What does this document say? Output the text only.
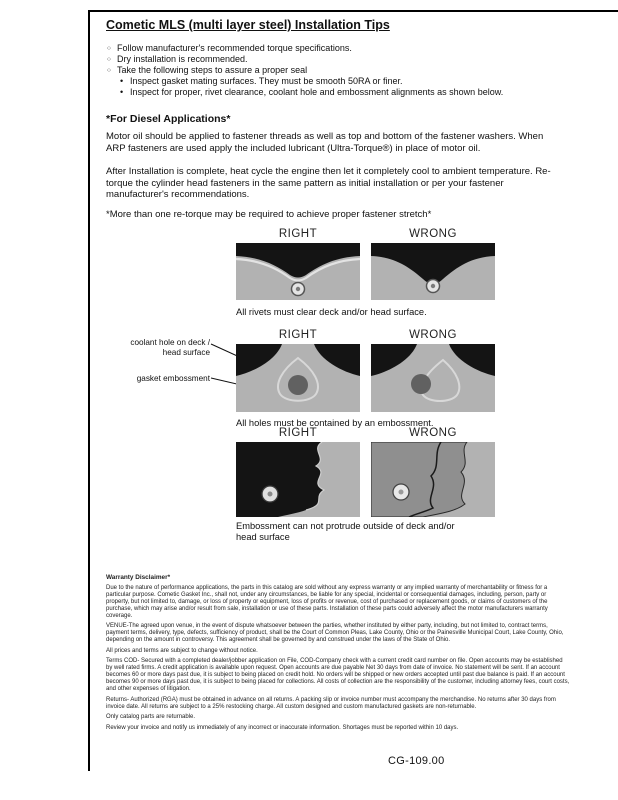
Cometic MLS (multi layer steel) Installation Tips
○ Follow manufacturer's recommended torque specifications.
○ Dry installation is recommended.
○ Take the following steps to assure a proper seal
• Inspect gasket mating surfaces. They must be smooth 50RA or finer.
• Inspect for proper, rivet clearance, coolant hole and embossment alignments as shown below.
*For Diesel Applications*

Motor oil should be applied to fastener threads as well as top and bottom of the fastener washers. When ARP fasteners are used apply the included lubricant (Ultra-Torque®) in place of motor oil.

After Installation is complete, heat cycle the engine then let it completely cool to ambient temperature. Re-torque the cylinder head fasteners in the same pattern as initial installation or per your fastener manufacturer's recommendations.

*More than one re-torque may be required to achieve proper fastener stretch*

RIGHT	WRONG
All rivets must clear deck and/or head surface.
RIGHT	WRONG
coolant hole on deck / head surface
gasket embossment
All holes must be contained by an embossment.
RIGHT	WRONG
Embossment can not protrude outside of deck and/or head surface

Warranty Disclaimer*

Due to the nature of performance applications, the parts in this catalog are sold without any express warranty or any implied warranty of merchantability or fitness for a particular purpose. Cometic Gasket Inc., shall not, under any circumstances, be liable for any special, incidental or consequential damages, including, person, party or property, but not limited to, damage, or loss of property or equipment, loss of profits or revenue, cost of purchased or replacement goods, or claims of customers of the purchase, which may arise and/or result from sale, installation or use of these parts. Installation of these parts could adversely affect the motor manufacturers warranty coverage.

VENUE-The agreed upon venue, in the event of dispute whatsoever between the parties, whether instituted by either party, including, but not limited to, contract terms, payment terms, delivery, type, defects, sufficiency of product, shall be the Court of Common Pleas, Lake County, Ohio or the Painesville Municipal Court, Lake County, Ohio, depending on the amount in controversy. This agreement shall be governed by and construed under the laws of the State of Ohio.

All prices and terms are subject to change without notice.

Terms COD- Secured with a completed dealer/jobber application on File, COD-Company check with a current credit card number on file. Open accounts may be established by well rated firms. A credit application is available upon request. Open accounts are due payable Net 30 days from date of invoice. No statement will be sent. If an account becomes 60 or more days past due, it is subject to being placed on credit hold. No orders will be shipped or new orders accepted until past due balance is paid. If an account becomes 90 or more days past due, it is subject to being placed for collections. All costs of collection are the responsibility of the customer, including attorney fees, court costs, and other expenses of litigation.

Returns- Authorized (RGA) must be obtained in advance on all returns. A packing slip or invoice number must accompany the merchandise. No returns after 30 days from invoice date. All returns are subject to a 25% restocking charge. All custom designed and custom manufactured gaskets are non-returnable.

Only catalog parts are returnable.

Review your invoice and notify us immediately of any incorrect or inaccurate information. Shortages must be reported within 10 days.

CG-109.00
